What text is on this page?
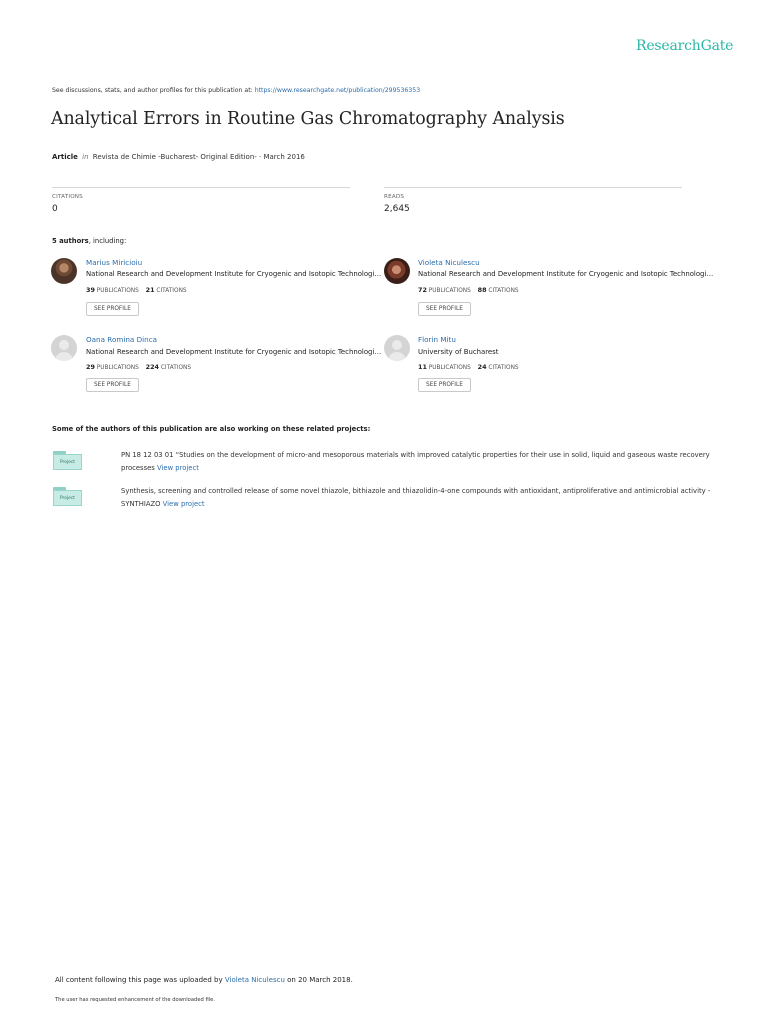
ResearchGate
See discussions, stats, and author profiles for this publication at: https://www.researchgate.net/publication/299536353
Analytical Errors in Routine Gas Chromatography Analysis
Article in Revista de Chimie -Bucharest- Original Edition- · March 2016
CITATIONS
0
READS
2,645
5 authors, including:
Marius Miricioiu
National Research and Development Institute for Cryogenic and Isotopic Technologies
39 PUBLICATIONS 21 CITATIONS
SEE PROFILE
Violeta Niculescu
National Research and Development Institute for Cryogenic and Isotopic Technologies
72 PUBLICATIONS 88 CITATIONS
SEE PROFILE
Oana Romina Dinca
National Research and Development Institute for Cryogenic and Isotopic Technologies
29 PUBLICATIONS 224 CITATIONS
SEE PROFILE
Florin Mitu
University of Bucharest
11 PUBLICATIONS 24 CITATIONS
SEE PROFILE
Some of the authors of this publication are also working on these related projects:
Project
PN 18 12 03 01 “Studies on the development of micro-and mesoporous materials with improved catalytic properties for their use in solid, liquid and gaseous waste recovery processes View project
Project
Synthesis, screening and controlled release of some novel thiazole, bithiazole and thiazolidin-4-one compounds with antioxidant, antiproliferative and antimicrobial activity - SYNTHIAZO View project
All content following this page was uploaded by Violeta Niculescu on 20 March 2018.
The user has requested enhancement of the downloaded file.
